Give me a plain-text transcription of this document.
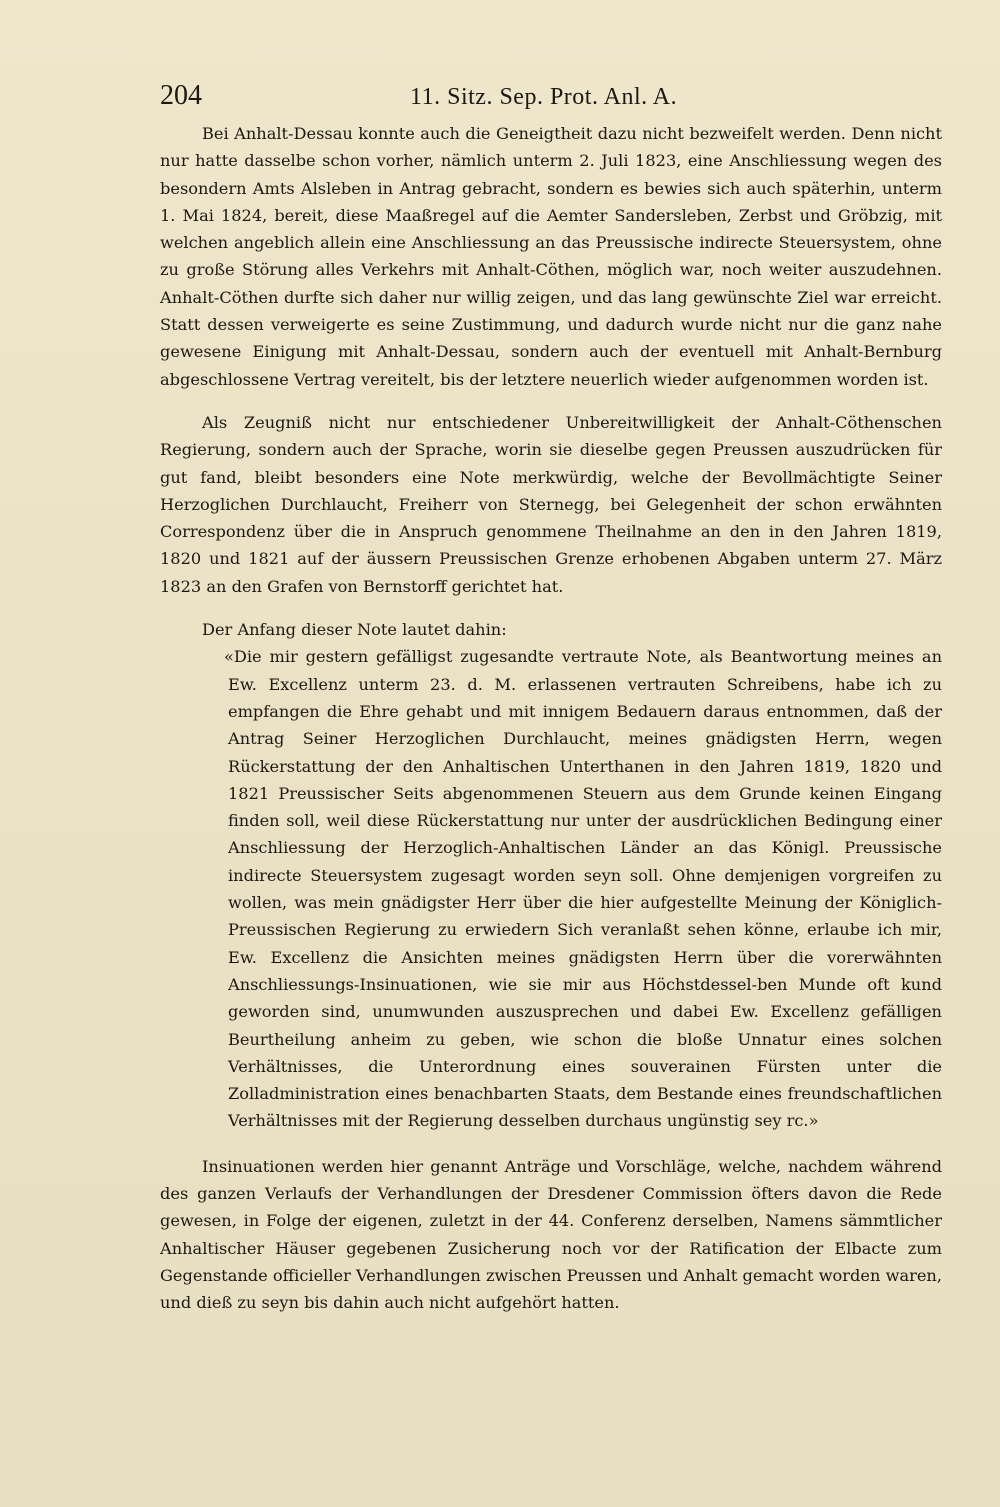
204	11. Sitz. Sep. Prot. Anl. A.

Bei Anhalt-Dessau konnte auch die Geneigtheit dazu nicht bezweifelt werden. Denn nicht nur hatte dasselbe schon vorher, nämlich unterm 2. Juli 1823, eine Anschliessung wegen des besondern Amts Alsleben in Antrag gebracht, sondern es bewies sich auch späterhin, unterm 1. Mai 1824, bereit, diese Maaßregel auf die Aemter Sandersleben, Zerbst und Gröbzig, mit welchen angeblich allein eine Anschliessung an das Preussische indirecte Steuersystem, ohne zu große Störung alles Verkehrs mit Anhalt-Cöthen, möglich war, noch weiter auszudehnen. Anhalt-Cöthen durfte sich daher nur willig zeigen, und das lang gewünschte Ziel war erreicht. Statt dessen verweigerte es seine Zustimmung, und dadurch wurde nicht nur die ganz nahe gewesene Einigung mit Anhalt-Dessau, sondern auch der eventuell mit Anhalt-Bernburg abgeschlossene Vertrag vereitelt, bis der letztere neuerlich wieder aufgenommen worden ist.

Als Zeugniß nicht nur entschiedener Unbereitwilligkeit der Anhalt-Cöthenschen Regierung, sondern auch der Sprache, worin sie dieselbe gegen Preussen auszudrücken für gut fand, bleibt besonders eine Note merkwürdig, welche der Bevollmächtigte Seiner Herzoglichen Durchlaucht, Freiherr von Sternegg, bei Gelegenheit der schon erwähnten Correspondenz über die in Anspruch genommene Theilnahme an den in den Jahren 1819, 1820 und 1821 auf der äussern Preussischen Grenze erhobenen Abgaben unterm 27. März 1823 an den Grafen von Bernstorff gerichtet hat.

Der Anfang dieser Note lautet dahin:

«Die mir gestern gefälligst zugesandte vertraute Note, als Beantwortung meines an Ew. Excellenz unterm 23. d. M. erlassenen vertrauten Schreibens, habe ich zu empfangen die Ehre gehabt und mit innigem Bedauern daraus entnommen, daß der Antrag Seiner Herzoglichen Durchlaucht, meines gnädigsten Herrn, wegen Rückerstattung der den Anhaltischen Unterthanen in den Jahren 1819, 1820 und 1821 Preussischer Seits abgenommenen Steuern aus dem Grunde keinen Eingang finden soll, weil diese Rückerstattung nur unter der ausdrücklichen Bedingung einer Anschliessung der Herzoglich-Anhaltischen Länder an das Königl. Preussische indirecte Steuersystem zugesagt worden seyn soll. Ohne demjenigen vorgreifen zu wollen, was mein gnädigster Herr über die hier aufgestellte Meinung der Königlich-Preussischen Regierung zu erwiedern Sich veranlaßt sehen könne, erlaube ich mir, Ew. Excellenz die Ansichten meines gnädigsten Herrn über die vorerwähnten Anschliessungs-Insinuationen, wie sie mir aus Höchstdessel-ben Munde oft kund geworden sind, unumwunden auszusprechen und dabei Ew. Excellenz gefälligen Beurtheilung anheim zu geben, wie schon die bloße Unnatur eines solchen Verhältnisses, die Unterordnung eines souverainen Fürsten unter die Zolladministration eines benachbarten Staats, dem Bestande eines freundschaftlichen Verhältnisses mit der Regierung desselben durchaus ungünstig sey rc.»

Insinuationen werden hier genannt Anträge und Vorschläge, welche, nachdem während des ganzen Verlaufs der Verhandlungen der Dresdener Commission öfters davon die Rede gewesen, in Folge der eigenen, zuletzt in der 44. Conferenz derselben, Namens sämmtlicher Anhaltischer Häuser gegebenen Zusicherung noch vor der Ratification der Elbacte zum Gegenstande officieller Verhandlungen zwischen Preussen und Anhalt gemacht worden waren, und dieß zu seyn bis dahin auch nicht aufgehört hatten.
